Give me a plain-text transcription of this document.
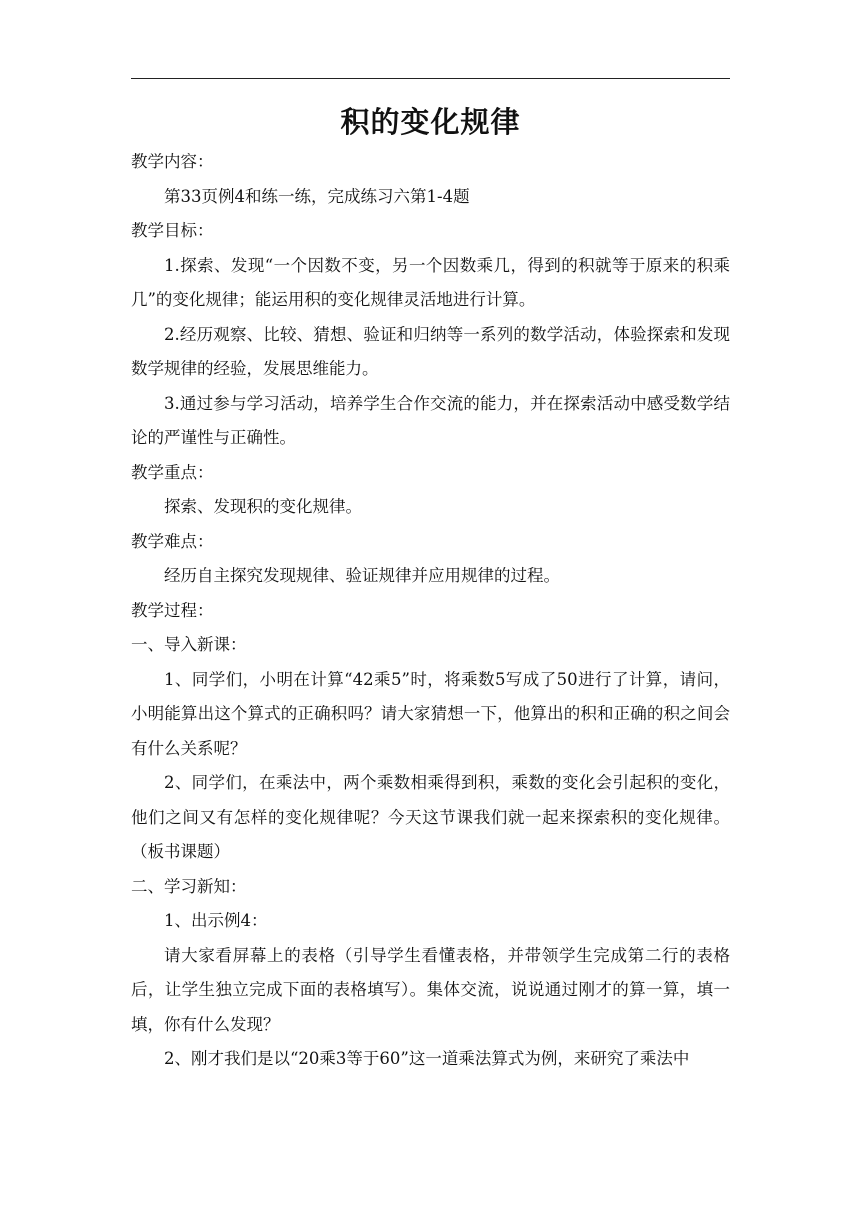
积的变化规律

教学内容：

第33页例4和练一练，完成练习六第1-4题

教学目标：

1.探索、发现“一个因数不变，另一个因数乘几，得到的积就等于原来的积乘几”的变化规律；能运用积的变化规律灵活地进行计算。

2.经历观察、比较、猜想、验证和归纳等一系列的数学活动，体验探索和发现数学规律的经验，发展思维能力。

3.通过参与学习活动，培养学生合作交流的能力，并在探索活动中感受数学结论的严谨性与正确性。

教学重点：

探索、发现积的变化规律。

教学难点：

经历自主探究发现规律、验证规律并应用规律的过程。

教学过程：

一、导入新课：

1、同学们，小明在计算“42乘5”时，将乘数5写成了50进行了计算，请问，小明能算出这个算式的正确积吗？请大家猜想一下，他算出的积和正确的积之间会有什么关系呢？

2、同学们，在乘法中，两个乘数相乘得到积，乘数的变化会引起积的变化，他们之间又有怎样的变化规律呢？今天这节课我们就一起来探索积的变化规律。（板书课题）

二、学习新知：

1、出示例4：

请大家看屏幕上的表格（引导学生看懂表格，并带领学生完成第二行的表格后，让学生独立完成下面的表格填写）。集体交流，说说通过刚才的算一算，填一填，你有什么发现？

2、刚才我们是以“20乘3等于60”这一道乘法算式为例，来研究了乘法中
